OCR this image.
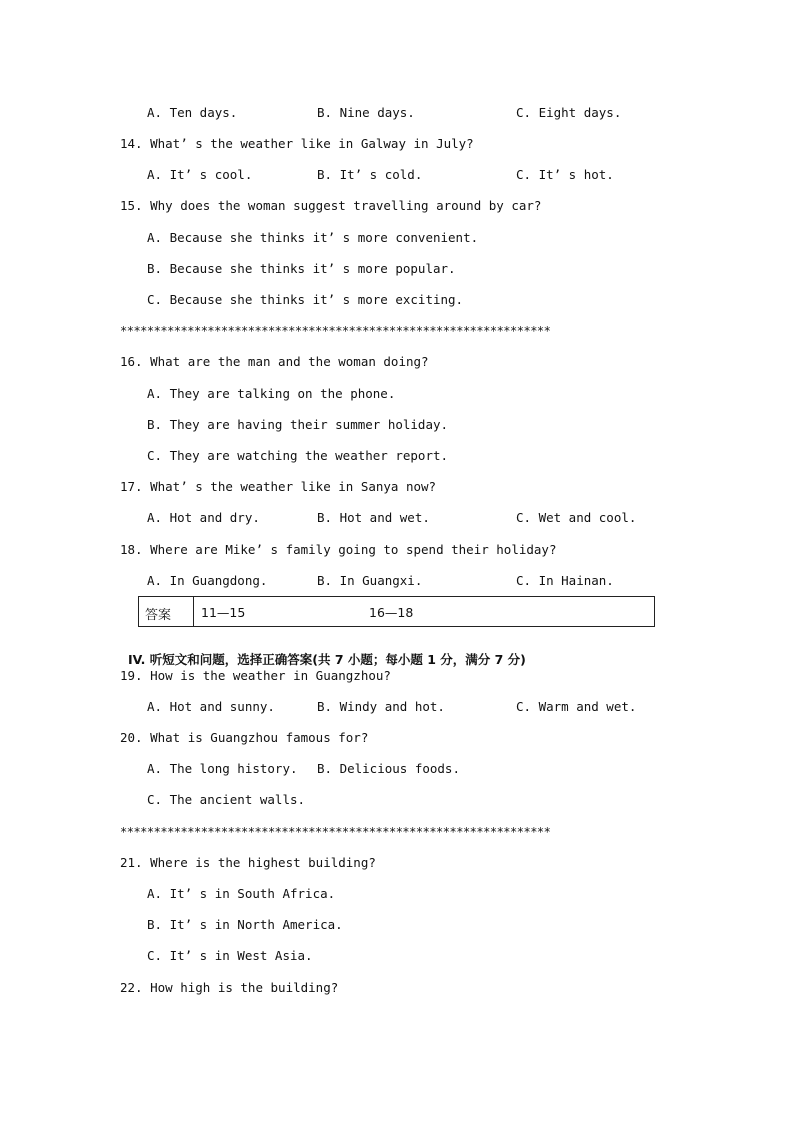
A. Ten days.	B. Nine days.	C. Eight days.
14. What’ s the weather like in Galway in July?
A. It’ s cool.	B. It’ s cold.	C. It’ s hot.
15. Why does the woman suggest travelling around by car?
A. Because she thinks it’ s more convenient.
B. Because she thinks it’ s more popular.
C. Because she thinks it’ s more exciting.
****************************************************************
16. What are the man and the woman doing?
A. They are talking on the phone.
B. They are having their summer holiday.
C. They are watching the weather report.
17. What’ s the weather like in Sanya now?
A. Hot and dry.	B. Hot and wet.	C. Wet and cool.
18. Where are Mike’ s family going to spend their holiday?
A. In Guangdong.	B. In Guangxi.	C. In Hainan.
答案 11—15	16—18

IV. 听短文和问题，选择正确答案(共 7 小题；每小题 1 分，满分 7 分)

19. How is the weather in Guangzhou?
A. Hot and sunny.	B. Windy and hot.	C. Warm and wet.
20. What is Guangzhou famous for?
A. The long history. B. Delicious foods.
C. The ancient walls.
****************************************************************
21. Where is the highest building?
A. It’ s in South Africa.
B. It’ s in North America.
C. It’ s in West Asia.
22. How high is the building?
